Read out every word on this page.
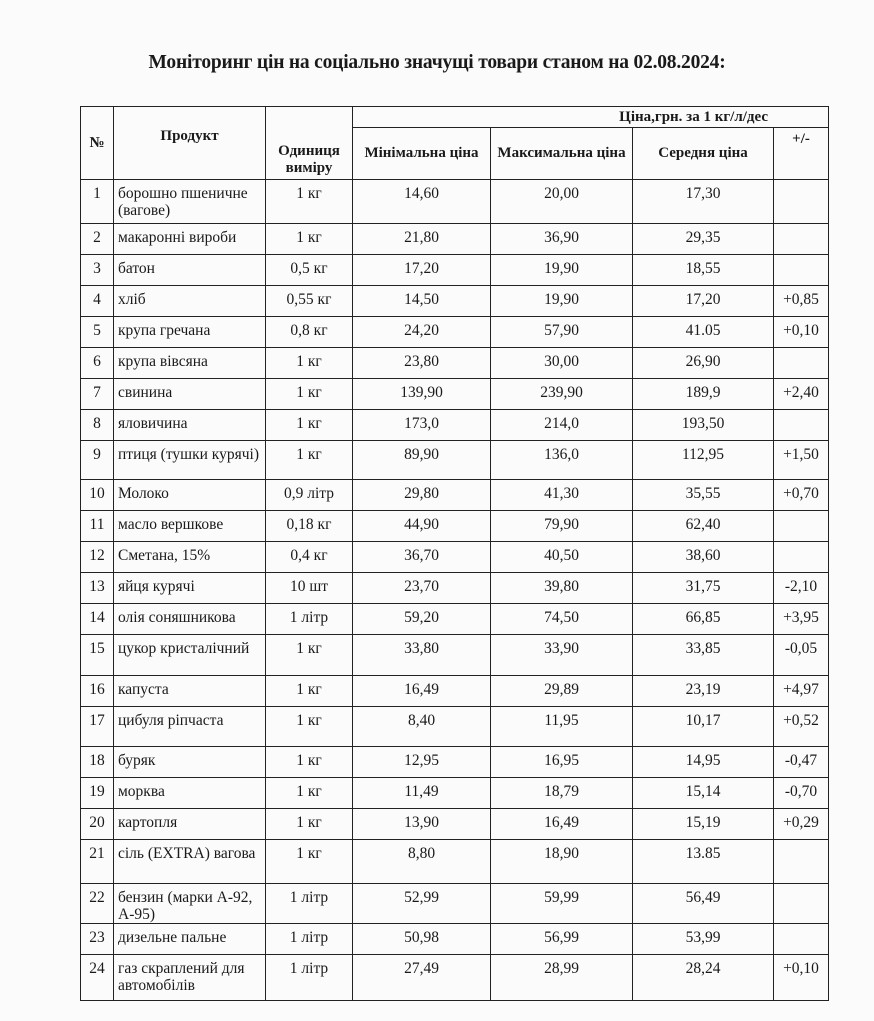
Моніторинг цін на соціально значущі товари станом на 02.08.2024:
№	Продукт	Одиниця виміру	Ціна,грн. за 1 кг/л/дес			
			Мінімальна ціна	Максимальна ціна	Середня ціна	+/-
1	борошно пшеничне (вагове)	1 кг	14,60	20,00	17,30	
2	макаронні вироби	1 кг	21,80	36,90	29,35	
3	батон	0,5 кг	17,20	19,90	18,55	
4	хліб	0,55 кг	14,50	19,90	17,20	+0,85
5	крупа гречана	0,8 кг	24,20	57,90	41.05	+0,10
6	крупа вівсяна	1 кг	23,80	30,00	26,90	
7	свинина	1 кг	139,90	239,90	189,9	+2,40
8	яловичина	1 кг	173,0	214,0	193,50	
9	птиця (тушки курячі)	1 кг	89,90	136,0	112,95	+1,50
10	Молоко	0,9 літр	29,80	41,30	35,55	+0,70
11	масло вершкове	0,18 кг	44,90	79,90	62,40	
12	Сметана, 15%	0,4 кг	36,70	40,50	38,60	
13	яйця курячі	10 шт	23,70	39,80	31,75	-2,10
14	олія соняшникова	1 літр	59,20	74,50	66,85	+3,95
15	цукор кристалічний	1 кг	33,80	33,90	33,85	-0,05
16	капуста	1 кг	16,49	29,89	23,19	+4,97
17	цибуля ріпчаста	1 кг	8,40	11,95	10,17	+0,52
18	буряк	1 кг	12,95	16,95	14,95	-0,47
19	морква	1 кг	11,49	18,79	15,14	-0,70
20	картопля	1 кг	13,90	16,49	15,19	+0,29
21	сіль (EXTRA) вагова	1 кг	8,80	18,90	13.85	
22	бензин (марки А-92, А-95)	1 літр	52,99	59,99	56,49	
23	дизельне пальне	1 літр	50,98	56,99	53,99	
24	газ скраплений для автомобілів	1 літр	27,49	28,99	28,24	+0,10
